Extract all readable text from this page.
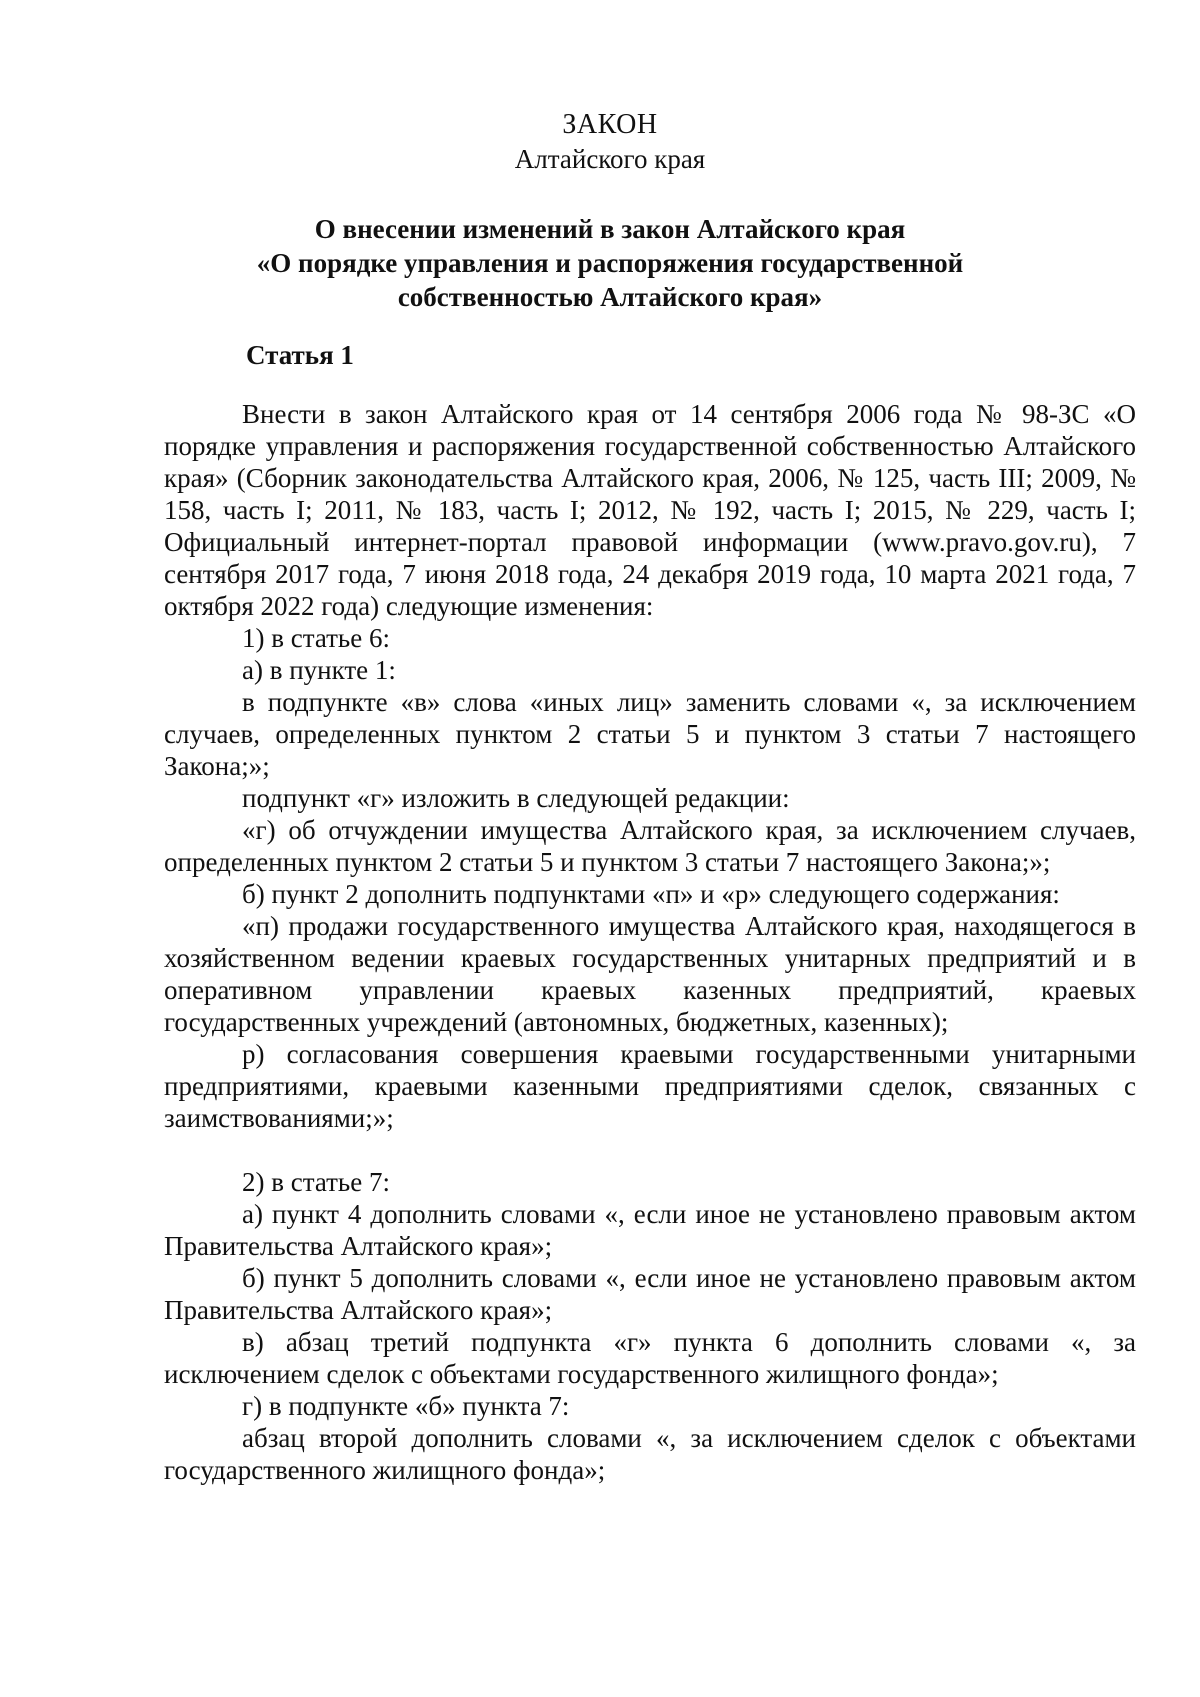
ЗАКОН
Алтайского края
О внесении изменений в закон Алтайского края
«О порядке управления и распоряжения государственной
собственностью Алтайского края»
Статья 1

Внести в закон Алтайского края от 14 сентября 2006 года № 98-ЗС «О порядке управления и распоряжения государственной собственностью Алтайского края» (Сборник законодательства Алтайского края, 2006, № 125, часть III; 2009, № 158, часть I; 2011, № 183, часть I; 2012, № 192, часть I; 2015, № 229, часть I; Официальный интернет-портал правовой информации (www.pravo.gov.ru), 7 сентября 2017 года, 7 июня 2018 года, 24 декабря 2019 года, 10 марта 2021 года, 7 октября 2022 года) следующие изменения:

1) в статье 6:

а) в пункте 1:

в подпункте «в» слова «иных лиц» заменить словами «, за исключением случаев, определенных пунктом 2 статьи 5 и пунктом 3 статьи 7 настоящего Закона;»;

подпункт «г» изложить в следующей редакции:

«г) об отчуждении имущества Алтайского края, за исключением случаев, определенных пунктом 2 статьи 5 и пунктом 3 статьи 7 настоящего Закона;»;

б) пункт 2 дополнить подпунктами «п» и «р» следующего содержания:

«п) продажи государственного имущества Алтайского края, находящегося в хозяйственном ведении краевых государственных унитарных предприятий и в оперативном управлении краевых казенных предприятий, краевых государственных учреждений (автономных, бюджетных, казенных);

р) согласования совершения краевыми государственными унитарными предприятиями, краевыми казенными предприятиями сделок, связанных с заимствованиями;»;

2) в статье 7:

а) пункт 4 дополнить словами «, если иное не установлено правовым актом Правительства Алтайского края»;

б) пункт 5 дополнить словами «, если иное не установлено правовым актом Правительства Алтайского края»;

в) абзац третий подпункта «г» пункта 6 дополнить словами «, за исключением сделок с объектами государственного жилищного фонда»;

г) в подпункте «б» пункта 7:

абзац второй дополнить словами «, за исключением сделок с объектами государственного жилищного фонда»;
